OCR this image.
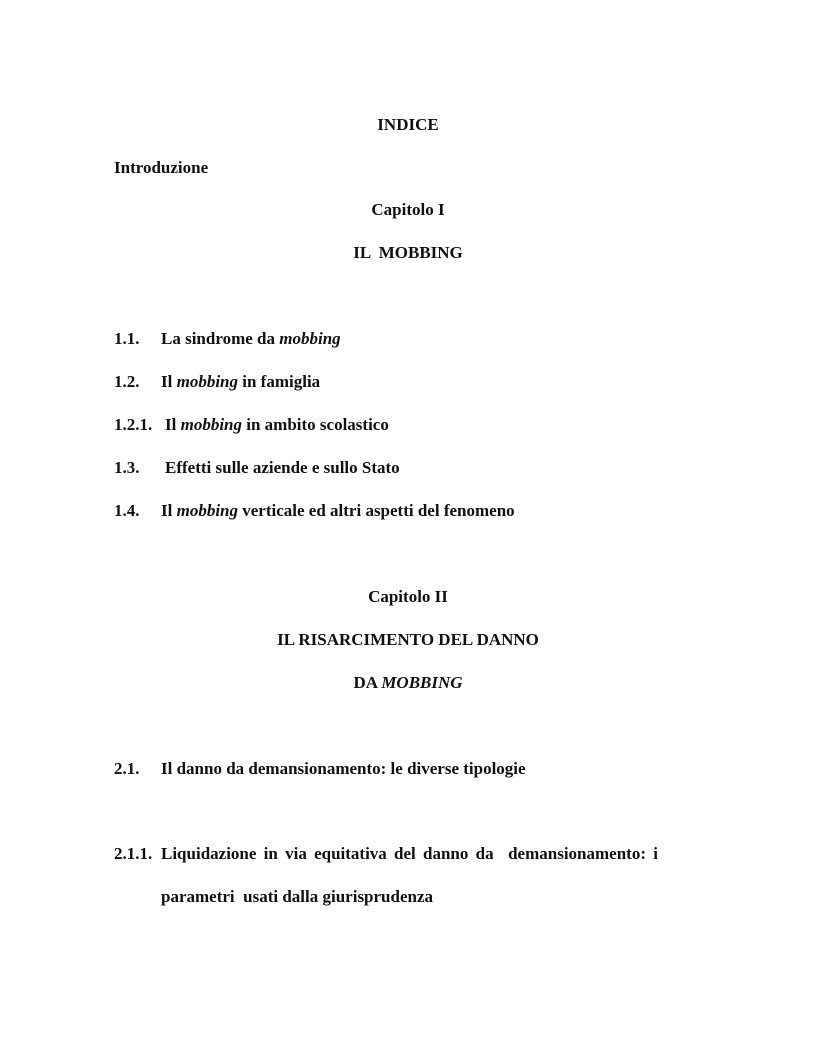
INDICE
Introduzione
Capitolo I
IL  MOBBING
1.1. La sindrome da mobbing
1.2. Il mobbing in famiglia
1.2.1. Il mobbing in ambito scolastico
1.3. Effetti sulle aziende e sullo Stato
1.4. Il mobbing verticale ed altri aspetti del fenomeno
Capitolo II
IL RISARCIMENTO DEL DANNO
DA MOBBING
2.1. Il danno da demansionamento: le diverse tipologie
2.1.1. Liquidazione in via equitativa del danno da  demansionamento: i
parametri  usati dalla giurisprudenza
